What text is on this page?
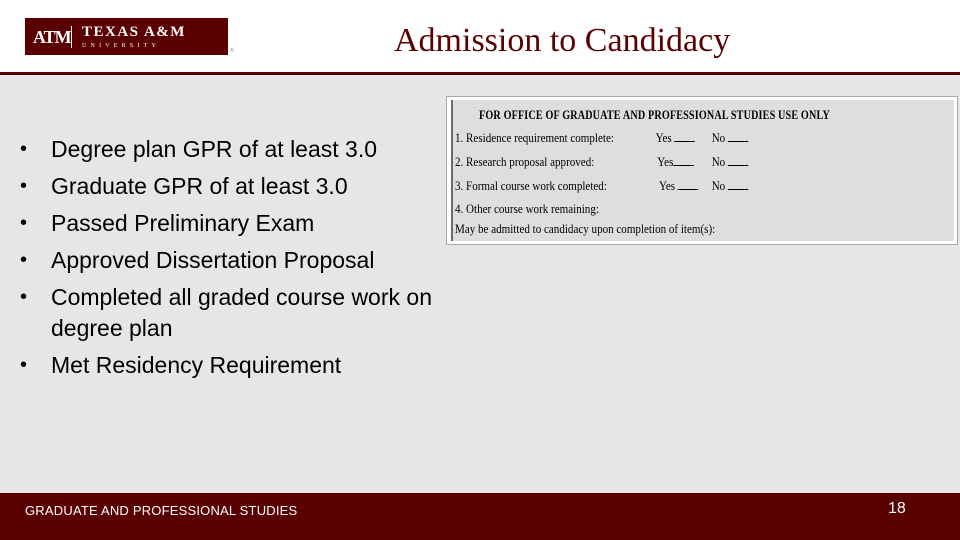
ATM TEXAS A&M
UNIVERSITY
®	Admission to Candidacy
• Degree plan GPR of at least 3.0
• Graduate GPR of at least 3.0
• Passed Preliminary Exam
• Approved Dissertation Proposal
• Completed all graded course work on degree plan
• Met Residency Requirement
FOR OFFICE OF GRADUATE AND PROFESSIONAL STUDIES USE ONLY
1. Residence requirement complete:	Yes	No
2. Research proposal approved:	Yes	No
3. Formal course work completed:	Yes	No
4. Other course work remaining:
May be admitted to candidacy upon completion of item(s):
GRADUATE AND PROFESSIONAL STUDIES	18
